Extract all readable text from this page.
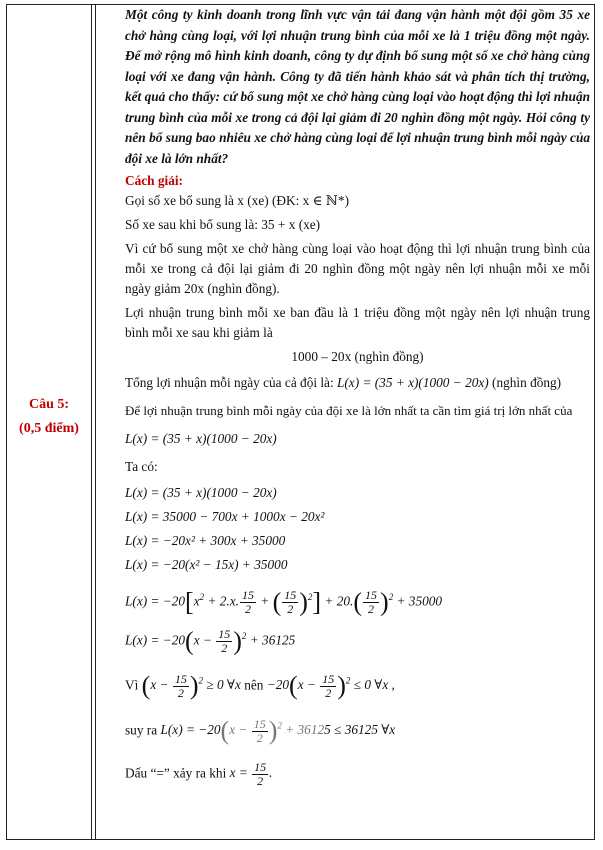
Câu 5:
(0,5 điểm)

Một công ty kinh doanh trong lĩnh vực vận tải đang vận hành một đội gồm 35 xe chở hàng cùng loại, với lợi nhuận trung bình của mỗi xe là 1 triệu đồng một ngày. Để mở rộng mô hình kinh doanh, công ty dự định bổ sung một số xe chở hàng cùng loại với xe đang vận hành. Công ty đã tiến hành khảo sát và phân tích thị trường, kết quả cho thấy: cứ bổ sung một xe chở hàng cùng loại vào hoạt động thì lợi nhuận trung bình của mỗi xe trong cả đội lại giảm đi 20 nghìn đồng một ngày. Hỏi công ty nên bổ sung bao nhiêu xe chở hàng cùng loại để lợi nhuận trung bình mỗi ngày của đội xe là lớn nhất?

Cách giải:

Gọi số xe bổ sung là x (xe) (ĐK: x ∈ ℕ*)

Số xe sau khi bổ sung là: 35 + x (xe)

Vì cứ bổ sung một xe chở hàng cùng loại vào hoạt động thì lợi nhuận trung bình của mỗi xe trong cả đội lại giảm đi 20 nghìn đồng một ngày nên lợi nhuận mỗi xe mỗi ngày giảm 20x (nghìn đồng).

Lợi nhuận trung bình mỗi xe ban đầu là 1 triệu đồng một ngày nên lợi nhuận trung bình mỗi xe sau khi giảm là

1000 – 20x (nghìn đồng)

Tổng lợi nhuận mỗi ngày của cả đội là: L(x) = (35 + x)(1000 − 20x) (nghìn đồng)

Để lợi nhuận trung bình mỗi ngày của đội xe là lớn nhất ta cần tìm giá trị lớn nhất của

L(x) = (35 + x)(1000 − 20x)

Ta có:

L(x) = (35 + x)(1000 − 20x)

L(x) = 35000 − 700x + 1000x − 20x²

L(x) = −20x² + 300x + 35000

L(x) = −20(x² − 15x) + 35000

$L(x) = -20[x^2 + 2.x$. $\frac{15}{2}$ + ( $\frac{15}{2} )^2] + 20.( \frac{15}{2} )^2 + 35000$
$L(x) = -20(x - \frac{15}{2} )^2 + 36125$
Vì $(x - \frac{15}{2} )^2 \ge 0$ ∀x nên $-20(x - \frac{15}{2} )^2 \le 0$ ∀x ,
suy ra $L(x) = -20(x - \frac{15}{2} )^2 + 36125 \le 36125$ ∀x
Dấu “=” xảy ra khi $x = \frac{15}{2}$ .
